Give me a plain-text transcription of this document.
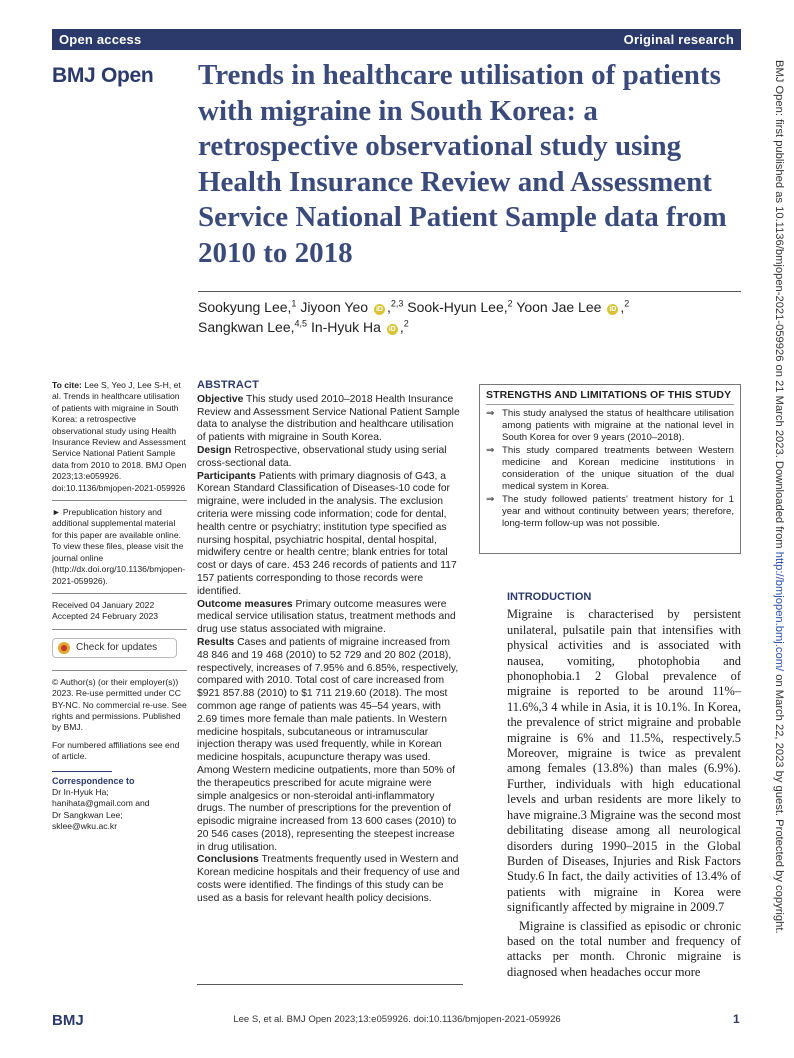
Open access	Original research
BMJ Open Trends in healthcare utilisation of patients with migraine in South Korea: a retrospective observational study using Health Insurance Review and Assessment Service National Patient Sample data from 2010 to 2018
Sookyung Lee,$^1$ Jiyoon Yeo iD ,$^{2,3}$ Sook-Hyun Lee,$^2$ Yoon Jae Lee iD ,$^2$
Sangkwan Lee,$^{4,5}$ In-Hyuk Ha iD ,$^2$

To cite: Lee S, Yeo J, Lee S-H, et al. Trends in healthcare utilisation of patients with migraine in South Korea: a retrospective observational study using Health Insurance Review and Assessment Service National Patient Sample data from 2010 to 2018. BMJ Open 2023;13:e059926. doi:10.1136/bmjopen-2021-059926

► Prepublication history and additional supplemental material for this paper are available online. To view these files, please visit the journal online (http://dx.doi.org/10.1136/bmjopen-2021-059926).

Received 04 January 2022

Accepted 24 February 2023

Check for updates

© Author(s) (or their employer(s)) 2023. Re-use permitted under CC BY-NC. No commercial re-use. See rights and permissions. Published by BMJ.

For numbered affiliations see end of article.

Correspondence to
Dr In-Hyuk Ha;
hanihata@gmail.com and
Dr Sangkwan Lee;
sklee@wku.ac.kr
ABSTRACT

Objective This study used 2010–2018 Health Insurance Review and Assessment Service National Patient Sample data to analyse the distribution and healthcare utilisation of patients with migraine in South Korea.

Design Retrospective, observational study using serial cross-sectional data.

Participants Patients with primary diagnosis of G43, a Korean Standard Classification of Diseases-10 code for migraine, were included in the analysis. The exclusion criteria were missing code information; code for dental, health centre or psychiatry; institution type specified as nursing hospital, psychiatric hospital, dental hospital, midwifery centre or health centre; blank entries for total cost or days of care. 453 246 records of patients and 117 157 patients corresponding to those records were identified.

Outcome measures Primary outcome measures were medical service utilisation status, treatment methods and drug use status associated with migraine.

Results Cases and patients of migraine increased from 48 846 and 19 468 (2010) to 52 729 and 20 802 (2018), respectively, increases of 7.95% and 6.85%, respectively, compared with 2010. Total cost of care increased from $921 857.88 (2010) to $1 711 219.60 (2018). The most common age range of patients was 45–54 years, with 2.69 times more female than male patients. In Western medicine hospitals, subcutaneous or intramuscular injection therapy was used frequently, while in Korean medicine hospitals, acupuncture therapy was used. Among Western medicine outpatients, more than 50% of the therapeutics prescribed for acute migraine were simple analgesics or non-steroidal anti-inflammatory drugs. The number of prescriptions for the prevention of episodic migraine increased from 13 600 cases (2010) to 20 546 cases (2018), representing the steepest increase in drug utilisation.

Conclusions Treatments frequently used in Western and Korean medicine hospitals and their frequency of use and costs were identified. The findings of this study can be used as a basis for relevant health policy decisions.

STRENGTHS AND LIMITATIONS OF THIS STUDY
⇒ This study analysed the status of healthcare utilisation among patients with migraine at the national level in South Korea for over 9 years (2010–2018).
⇒ This study compared treatments between Western medicine and Korean medicine institutions in consideration of the unique situation of the dual medical system in Korea.
⇒ The study followed patients' treatment history for 1 year and without continuity between years; therefore, long-term follow-up was not possible.
INTRODUCTION

Migraine is characterised by persistent unilateral, pulsatile pain that intensifies with physical activities and is associated with nausea, vomiting, photophobia and phonophobia.1 2 Global prevalence of migraine is reported to be around 11%–11.6%,3 4 while in Asia, it is 10.1%. In Korea, the prevalence of strict migraine and probable migraine is 6% and 11.5%, respectively.5 Moreover, migraine is twice as prevalent among females (13.8%) than males (6.9%). Further, individuals with high educational levels and urban residents are more likely to have migraine.3 Migraine was the second most debilitating disease among all neurological disorders during 1990–2015 in the Global Burden of Diseases, Injuries and Risk Factors Study.6 In fact, the daily activities of 13.4% of patients with migraine in Korea were significantly affected by migraine in 2009.7

Migraine is classified as episodic or chronic based on the total number and frequency of attacks per month. Chronic migraine is diagnosed when headaches occur more

BMJ Open: first published as 10.1136/bmjopen-2021-059926 on 21 March 2023. Downloaded from http://bmjopen.bmj.com/ on March 22, 2023 by guest. Protected by copyright.
BMJ	Lee S, et al. BMJ Open 2023;13:e059926. doi:10.1136/bmjopen-2021-059926	1
